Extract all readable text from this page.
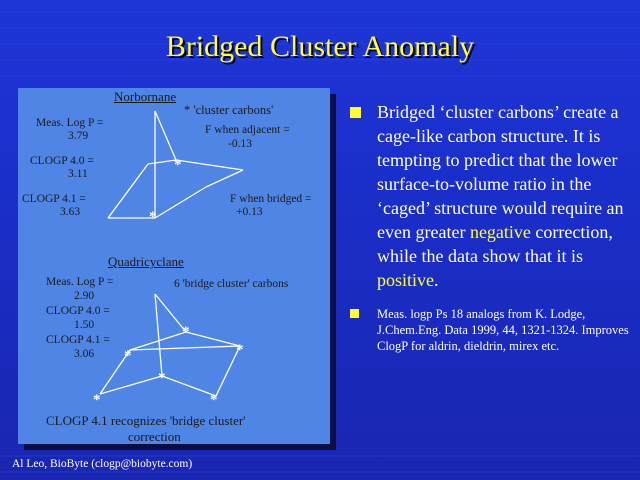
Bridged Cluster Anomaly
Norbornane
* 'cluster carbons'
Meas. Log P =
3.79	F when adjacent =
-0.13
CLOGP 4.0 =
3.11
CLOGP 4.1 =
3.63
F when bridged =
+0.13
*
*
Quadricyclane
Meas. Log P =
2.90
6 'bridge cluster' carbons
CLOGP 4.0 =
1.50
CLOGP 4.1 =
3.06
*
*
*
*
*	*
CLOGP 4.1 recognizes 'bridge cluster'
correction
Bridged ‘cluster carbons’ create a cage-like carbon structure. It is tempting to predict that the lower surface-to-volume ratio in the ‘caged’ structure would require an even greater negative correction, while the data show that it is positive.
Meas. logp Ps 18 analogs from K. Lodge, J.Chem.Eng. Data 1999, 44, 1321-1324. Improves ClogP for aldrin, dieldrin, mirex etc.
Al Leo, BioByte (clogp@biobyte.com)
